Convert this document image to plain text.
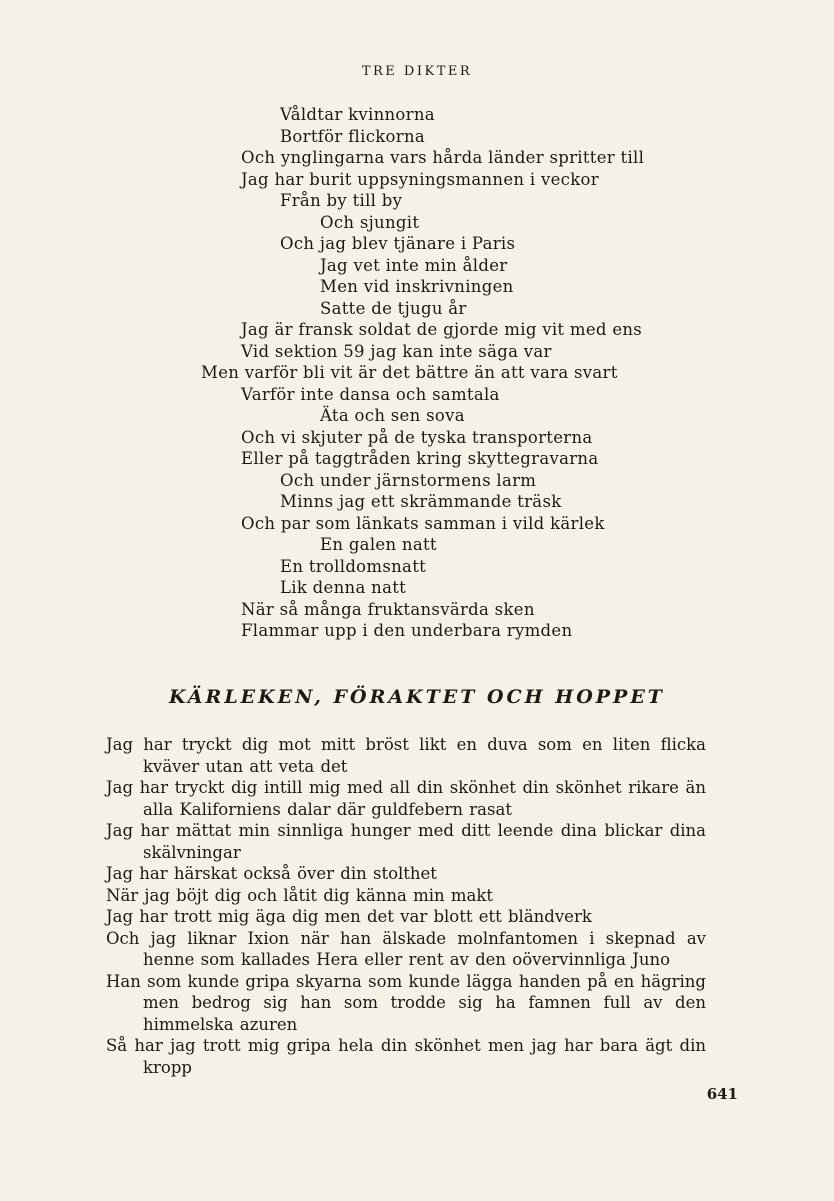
TRE DIKTER
Våldtar kvinnorna
Bortför flickorna
Och ynglingarna vars hårda länder spritter till
Jag har burit uppsyningsmannen i veckor
Från by till by
Och sjungit
Och jag blev tjänare i Paris
Jag vet inte min ålder
Men vid inskrivningen
Satte de tjugu år
Jag är fransk soldat de gjorde mig vit med ens
Vid sektion 59 jag kan inte säga var
Men varför bli vit är det bättre än att vara svart
Varför inte dansa och samtala
Äta och sen sova
Och vi skjuter på de tyska transporterna
Eller på taggtråden kring skyttegravarna
Och under järnstormens larm
Minns jag ett skrämmande träsk
Och par som länkats samman i vild kärlek
En galen natt
En trolldomsnatt
Lik denna natt
När så många fruktansvärda sken
Flammar upp i den underbara rymden
KÄRLEKEN, FÖRAKTET OCH HOPPET
Jag har tryckt dig mot mitt bröst likt en duva som en liten flicka kväver utan att veta det
Jag har tryckt dig intill mig med all din skönhet din skönhet rikare än alla Kaliforniens dalar där guldfebern rasat
Jag har mättat min sinnliga hunger med ditt leende dina blickar dina skälvningar
Jag har härskat också över din stolthet
När jag böjt dig och låtit dig känna min makt
Jag har trott mig äga dig men det var blott ett bländverk
Och jag liknar Ixion när han älskade molnfantomen i skepnad av henne som kallades Hera eller rent av den oövervinnliga Juno
Han som kunde gripa skyarna som kunde lägga handen på en hägring men bedrog sig han som trodde sig ha famnen full av den himmelska azuren
Så har jag trott mig gripa hela din skönhet men jag har bara ägt din kropp
641
